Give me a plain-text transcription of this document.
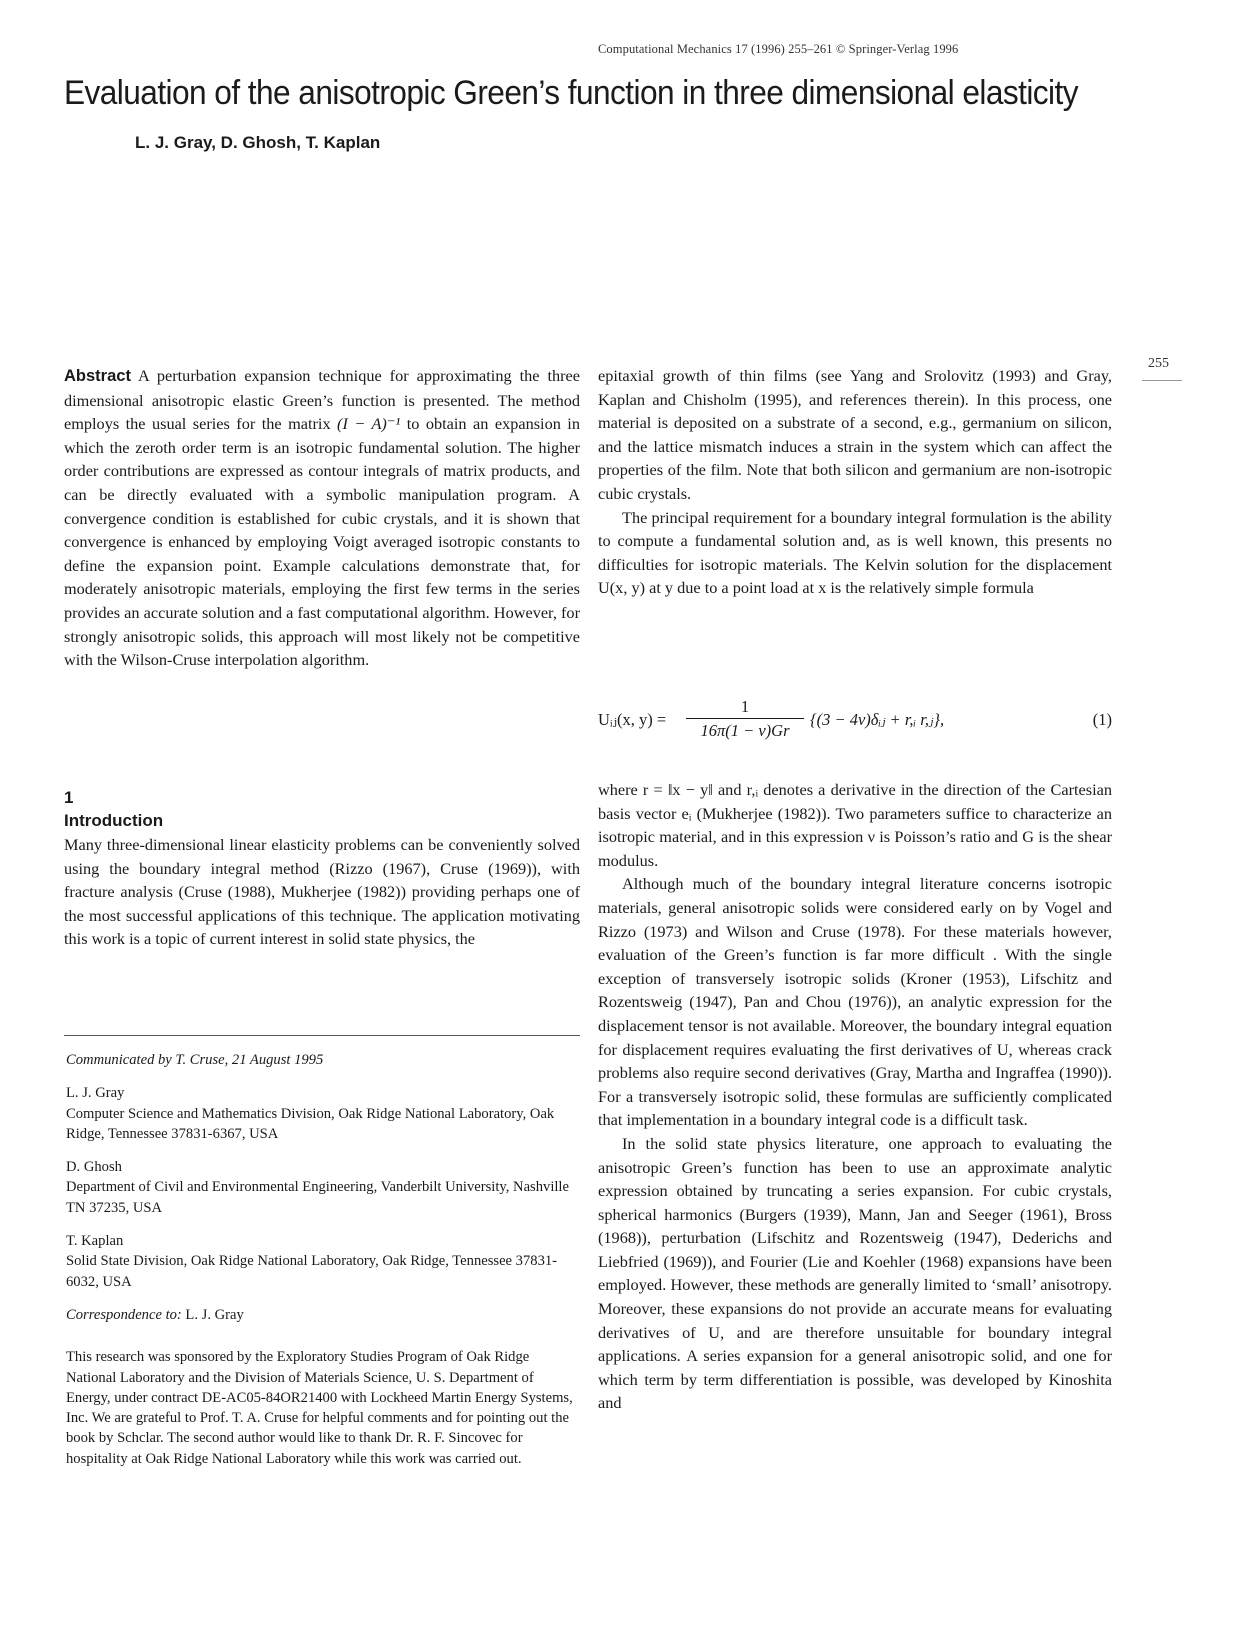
Computational Mechanics 17 (1996) 255–261 © Springer-Verlag 1996
Evaluation of the anisotropic Green’s function in three dimensional elasticity
L. J. Gray, D. Ghosh, T. Kaplan
255

Abstract A perturbation expansion technique for approximating the three dimensional anisotropic elastic Green’s function is presented. The method employs the usual series for the matrix (I − A)⁻¹ to obtain an expansion in which the zeroth order term is an isotropic fundamental solution. The higher order contributions are expressed as contour integrals of matrix products, and can be directly evaluated with a symbolic manipulation program. A convergence condition is established for cubic crystals, and it is shown that convergence is enhanced by employing Voigt averaged isotropic constants to define the expansion point. Example calculations demonstrate that, for moderately anisotropic materials, employing the first few terms in the series provides an accurate solution and a fast computational algorithm. However, for strongly anisotropic solids, this approach will most likely not be competitive with the Wilson-Cruse interpolation algorithm.

1
Introduction

Many three-dimensional linear elasticity problems can be conveniently solved using the boundary integral method (Rizzo (1967), Cruse (1969)), with fracture analysis (Cruse (1988), Mukherjee (1982)) providing perhaps one of the most successful applications of this technique. The application motivating this work is a topic of current interest in solid state physics, the

Communicated by T. Cruse, 21 August 1995

L. J. Gray
Computer Science and Mathematics Division, Oak Ridge National Laboratory, Oak Ridge, Tennessee 37831-6367, USA

D. Ghosh
Department of Civil and Environmental Engineering, Vanderbilt University, Nashville TN 37235, USA

T. Kaplan
Solid State Division, Oak Ridge National Laboratory, Oak Ridge, Tennessee 37831-6032, USA

Correspondence to: L. J. Gray

This research was sponsored by the Exploratory Studies Program of Oak Ridge National Laboratory and the Division of Materials Science, U. S. Department of Energy, under contract DE-AC05-84OR21400 with Lockheed Martin Energy Systems, Inc. We are grateful to Prof. T. A. Cruse for helpful comments and for pointing out the book by Schclar. The second author would like to thank Dr. R. F. Sincovec for hospitality at Oak Ridge National Laboratory while this work was carried out.

epitaxial growth of thin films (see Yang and Srolovitz (1993) and Gray, Kaplan and Chisholm (1995), and references therein). In this process, one material is deposited on a substrate of a second, e.g., germanium on silicon, and the lattice mismatch induces a strain in the system which can affect the properties of the film. Note that both silicon and germanium are non-isotropic cubic crystals.

The principal requirement for a boundary integral formulation is the ability to compute a fundamental solution and, as is well known, this presents no difficulties for isotropic materials. The Kelvin solution for the displacement U(x, y) at y due to a point load at x is the relatively simple formula

Uᵢⱼ(x, $y) = \frac{1}{16\pi(1 - \nu)Gr} \{(3$ − 4ν)δᵢⱼ + r,ᵢ r,ⱼ},	(1)

where r = ‖x − y‖ and r,ᵢ denotes a derivative in the direction of the Cartesian basis vector eᵢ (Mukherjee (1982)). Two parameters suffice to characterize an isotropic material, and in this expression ν is Poisson’s ratio and G is the shear modulus.

Although much of the boundary integral literature concerns isotropic materials, general anisotropic solids were considered early on by Vogel and Rizzo (1973) and Wilson and Cruse (1978). For these materials however, evaluation of the Green’s function is far more difficult . With the single exception of transversely isotropic solids (Kroner (1953), Lifschitz and Rozentsweig (1947), Pan and Chou (1976)), an analytic expression for the displacement tensor is not available. Moreover, the boundary integral equation for displacement requires evaluating the first derivatives of U, whereas crack problems also require second derivatives (Gray, Martha and Ingraffea (1990)). For a transversely isotropic solid, these formulas are sufficiently complicated that implementation in a boundary integral code is a difficult task.

In the solid state physics literature, one approach to evaluating the anisotropic Green’s function has been to use an approximate analytic expression obtained by truncating a series expansion. For cubic crystals, spherical harmonics (Burgers (1939), Mann, Jan and Seeger (1961), Bross (1968)), perturbation (Lifschitz and Rozentsweig (1947), Dederichs and Liebfried (1969)), and Fourier (Lie and Koehler (1968) expansions have been employed. However, these methods are generally limited to ‘small’ anisotropy. Moreover, these expansions do not provide an accurate means for evaluating derivatives of U, and are therefore unsuitable for boundary integral applications. A series expansion for a general anisotropic solid, and one for which term by term differentiation is possible, was developed by Kinoshita and
